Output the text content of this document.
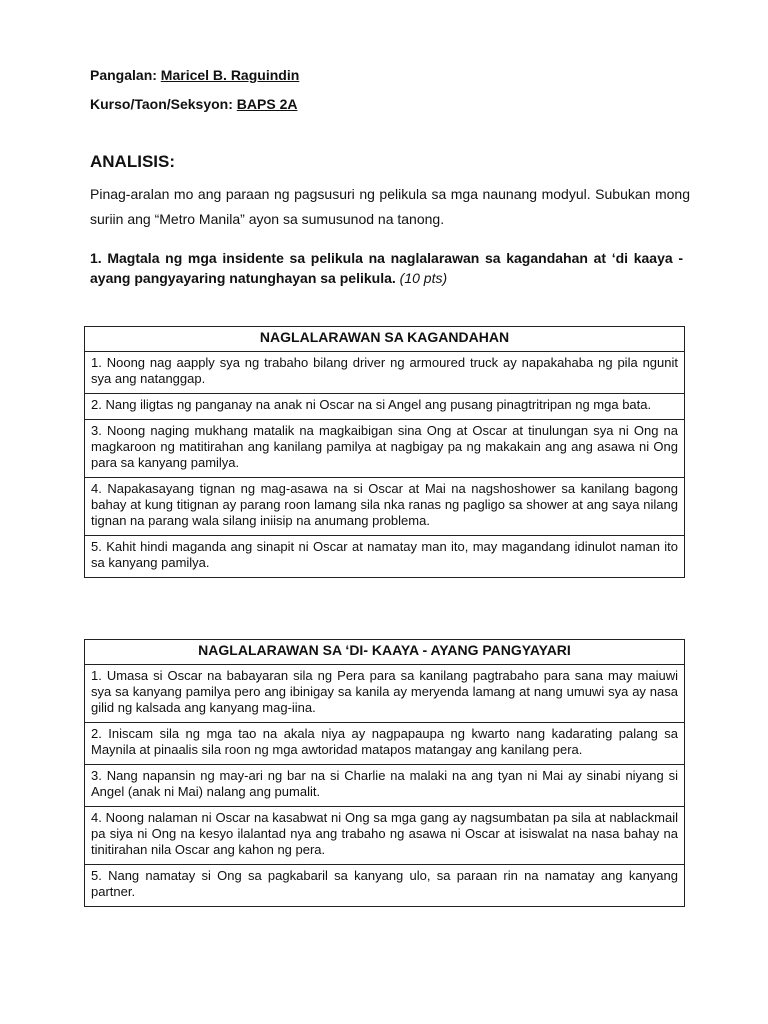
Pangalan: Maricel B. Raguindin
Kurso/Taon/Seksyon: BAPS 2A
ANALISIS:

Pinag-aralan mo ang paraan ng pagsusuri ng pelikula sa mga naunang modyul. Subukan mong suriin ang “Metro Manila” ayon sa sumusunod na tanong.

1. Magtala ng mga insidente sa pelikula na naglalarawan sa kagandahan at ‘di kaaya -ayang pangyayaring natunghayan sa pelikula. (10 pts)

NAGLALARAWAN SA KAGANDAHAN
1. Noong nag aapply sya ng trabaho bilang driver ng armoured truck ay napakahaba ng pila ngunit sya ang natanggap.
2. Nang iligtas ng panganay na anak ni Oscar na si Angel ang pusang pinagtritripan ng mga bata.
3. Noong naging mukhang matalik na magkaibigan sina Ong at Oscar at tinulungan sya ni Ong na magkaroon ng matitirahan ang kanilang pamilya at nagbigay pa ng makakain ang ang asawa ni Ong para sa kanyang pamilya.
4. Napakasayang tignan ng mag-asawa na si Oscar at Mai na nagshoshower sa kanilang bagong bahay at kung titignan ay parang roon lamang sila nka ranas ng pagligo sa shower at ang saya nilang tignan na parang wala silang iniisip na anumang problema.
5. Kahit hindi maganda ang sinapit ni Oscar at namatay man ito, may magandang idinulot naman ito sa kanyang pamilya.
NAGLALARAWAN SA ‘DI- KAAYA - AYANG PANGYAYARI
1. Umasa si Oscar na babayaran sila ng Pera para sa kanilang pagtrabaho para sana may maiuwi sya sa kanyang pamilya pero ang ibinigay sa kanila ay meryenda lamang at nang umuwi sya ay nasa gilid ng kalsada ang kanyang mag-iina.
2. Iniscam sila ng mga tao na akala niya ay nagpapaupa ng kwarto nang kadarating palang sa Maynila at pinaalis sila roon ng mga awtoridad matapos matangay ang kanilang pera.
3. Nang napansin ng may-ari ng bar na si Charlie na malaki na ang tyan ni Mai ay sinabi niyang si Angel (anak ni Mai) nalang ang pumalit.
4. Noong nalaman ni Oscar na kasabwat ni Ong sa mga gang ay nagsumbatan pa sila at nablackmail pa siya ni Ong na kesyo ilalantad nya ang trabaho ng asawa ni Oscar at isiswalat na nasa bahay na tinitirahan nila Oscar ang kahon ng pera.
5. Nang namatay si Ong sa pagkabaril sa kanyang ulo, sa paraan rin na namatay ang kanyang partner.
